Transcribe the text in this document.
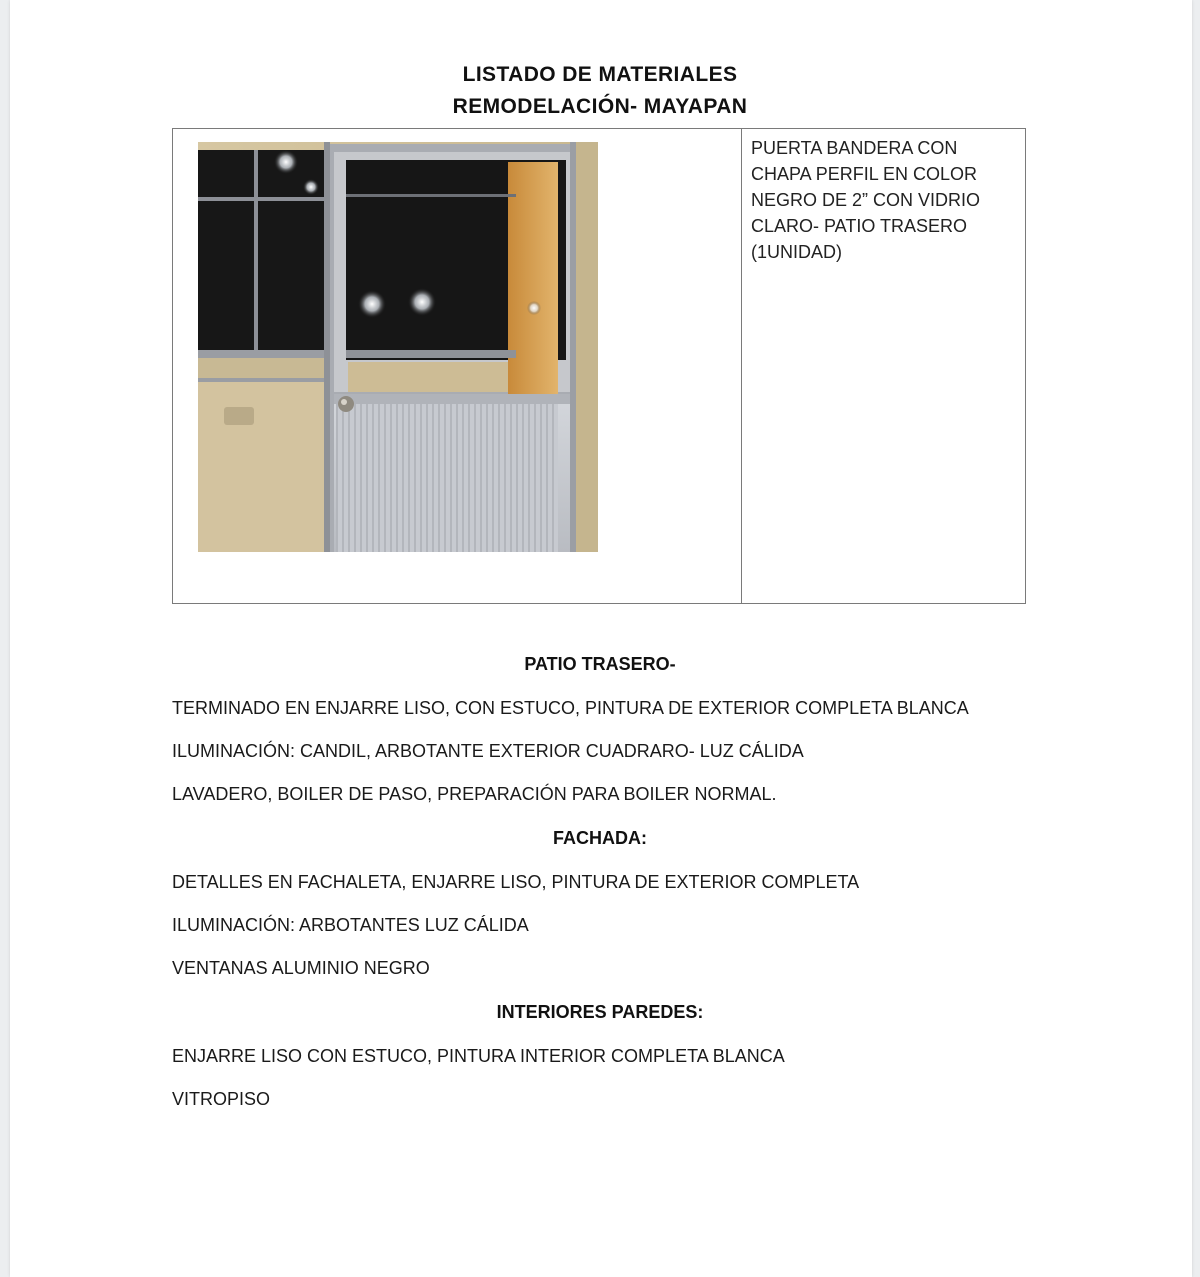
LISTADO DE MATERIALES
REMODELACIÓN- MAYAPAN
PUERTA BANDERA CON CHAPA PERFIL EN COLOR NEGRO DE 2” CON VIDRIO CLARO- PATIO TRASERO (1UNIDAD)
PATIO TRASERO-
TERMINADO EN ENJARRE LISO, CON ESTUCO, PINTURA DE EXTERIOR COMPLETA BLANCA
ILUMINACIÓN: CANDIL, ARBOTANTE EXTERIOR CUADRARO- LUZ CÁLIDA
LAVADERO, BOILER DE PASO, PREPARACIÓN PARA BOILER NORMAL.
FACHADA:
DETALLES EN FACHALETA, ENJARRE LISO, PINTURA DE EXTERIOR COMPLETA
ILUMINACIÓN: ARBOTANTES LUZ CÁLIDA
VENTANAS ALUMINIO NEGRO
INTERIORES PAREDES:
ENJARRE LISO CON ESTUCO, PINTURA INTERIOR COMPLETA BLANCA
VITROPISO
